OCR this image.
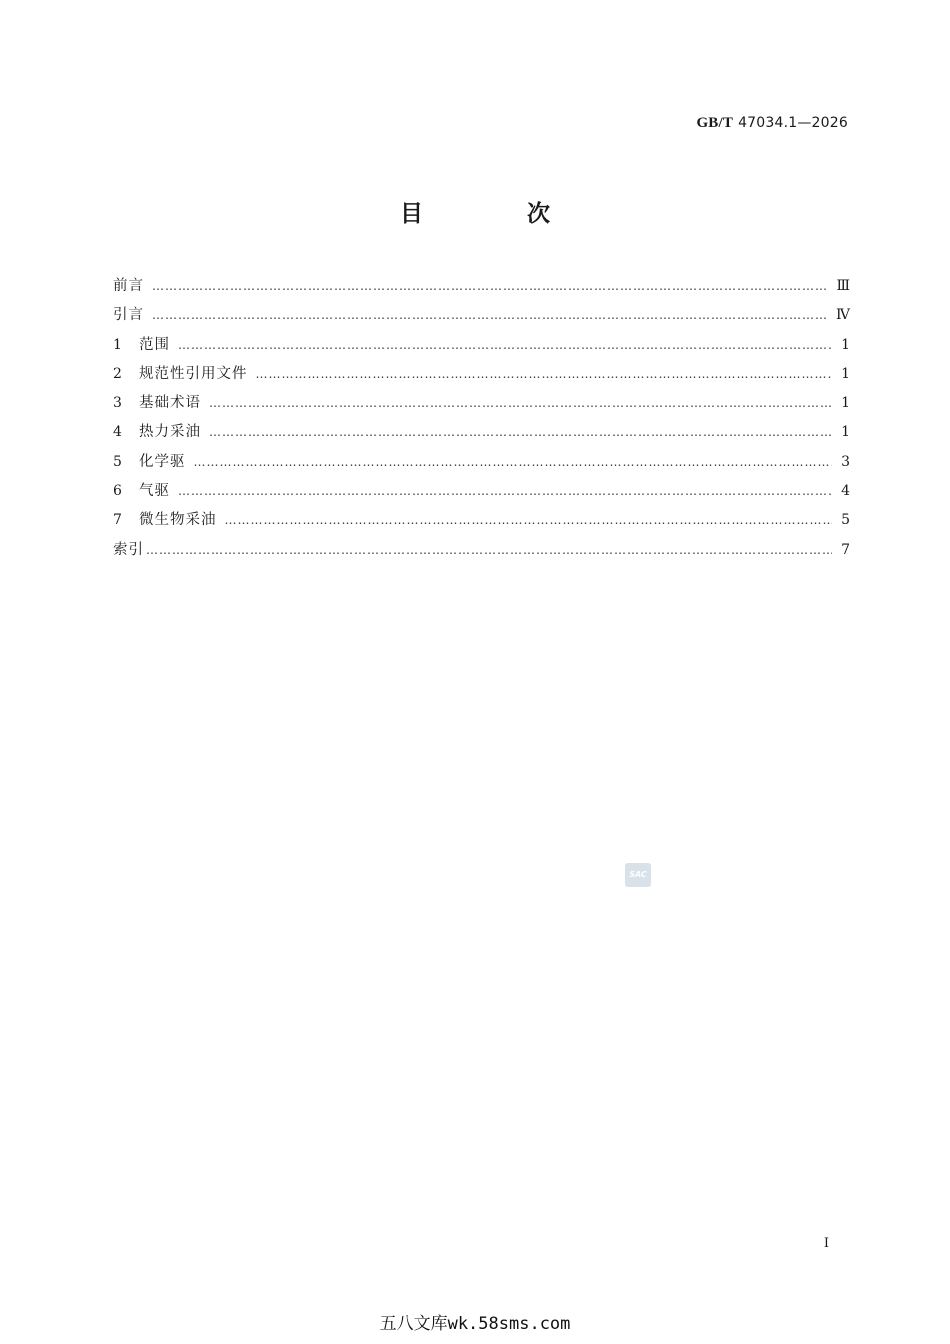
GB/T 47034.1—2026
目 次
前言 ………………………………………………………………………………………………………………………………………………………………………………………………………………………………………………	Ⅲ
引言 ………………………………………………………………………………………………………………………………………………………………………………………………………………………………………………	Ⅳ
1	范围 ………………………………………………………………………………………………………………………………………………………………………………………………………………………………………………	1
2	规范性引用文件 ………………………………………………………………………………………………………………………………………………………………………………………………………………………………………………	1
3	基础术语 ………………………………………………………………………………………………………………………………………………………………………………………………………………………………………………	1
4	热力采油 ………………………………………………………………………………………………………………………………………………………………………………………………………………………………………………	1
5	化学驱 ………………………………………………………………………………………………………………………………………………………………………………………………………………………………………………	3
6	气驱 ………………………………………………………………………………………………………………………………………………………………………………………………………………………………………………	4
7	微生物采油 ………………………………………………………………………………………………………………………………………………………………………………………………………………………………………………	5
索引 ………………………………………………………………………………………………………………………………………………………………………………………………………………………………………………	7
SAC
I
五八文库wk.58sms.com
